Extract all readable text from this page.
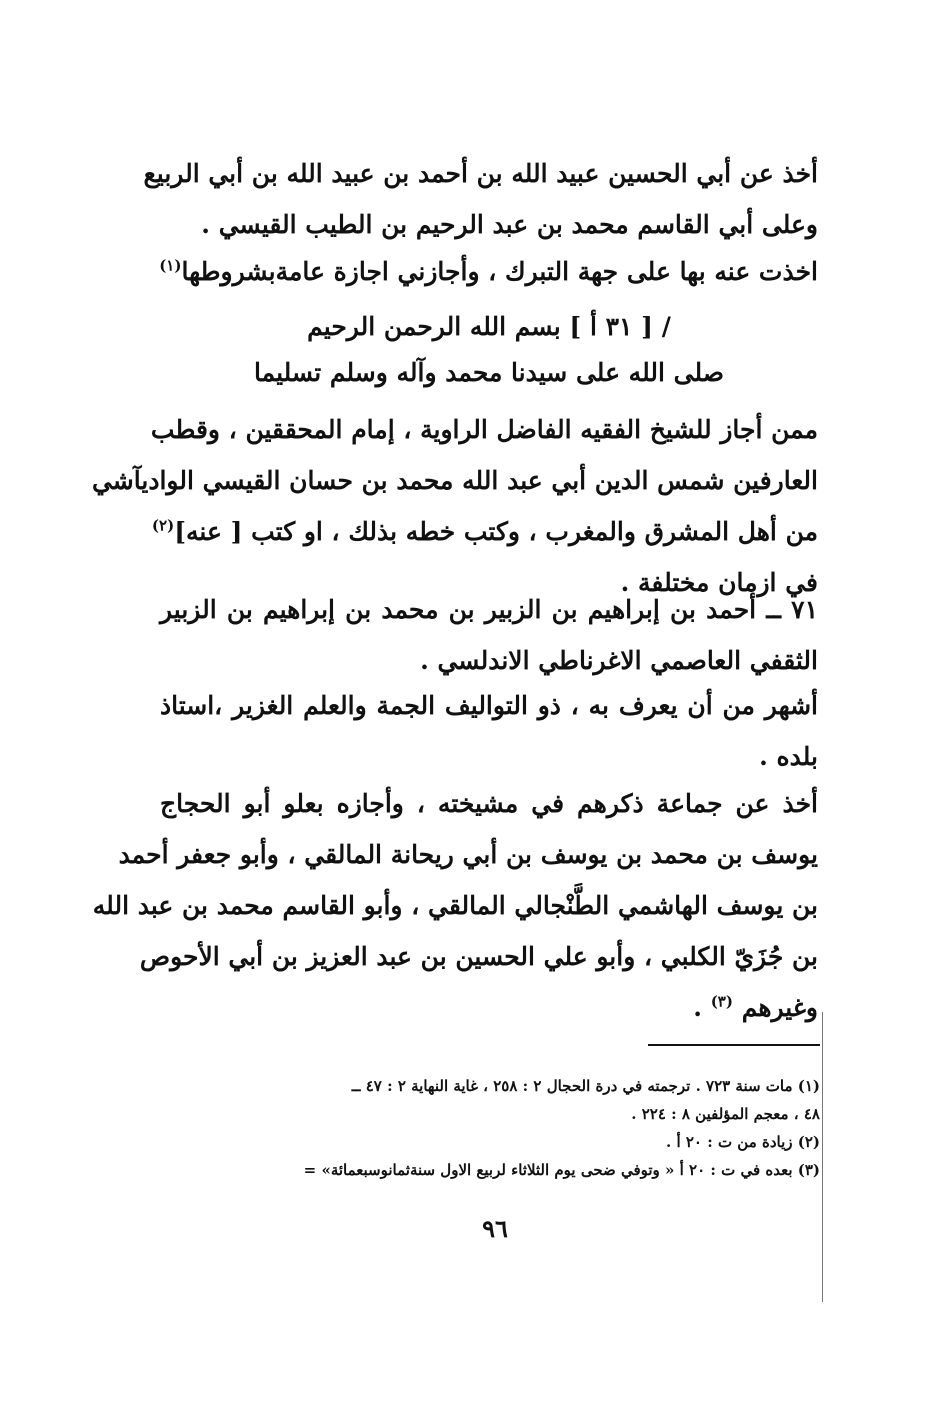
أخذ عن أبي الحسين عبيد الله بن أحمد بن عبيد الله بن أبي الربيع
وعلى أبي القاسم محمد بن عبد الرحيم بن الطيب القيسي .
اخذت عنه بها على جهة التبرك ، وأجازني اجازة عامةبشروطها$^{(١)}$
/ [ ٣١ أ ] بسم الله الرحمن الرحيم
صلى الله على سيدنا محمد وآله وسلم تسليما
ممن أجاز للشيخ الفقيه الفاضل الراوية ، إمام المحققين ، وقطب
العارفين شمس الدين أبي عبد الله محمد بن حسان القيسي الواديآشي
من أهل المشرق والمغرب ، وكتب خطه بذلك ، او كتب [ عنه]$^{(٢)}$
في ازمان مختلفة .
٧١ ــ أحمد بن إبراهيم بن الزبير بن محمد بن إبراهيم بن الزبير
الثقفي العاصمي الاغرناطي الاندلسي .
أشهر من أن يعرف به ، ذو التواليف الجمة والعلم الغزير ،استاذ
بلده .
أخذ عن جماعة ذكرهم في مشيخته ، وأجازه بعلو أبو الحجاج
يوسف بن محمد بن يوسف بن أبي ريحانة المالقي ، وأبو جعفر أحمد
بن يوسف الهاشمي الطَّنْجالي المالقي ، وأبو القاسم محمد بن عبد الله
بن جُزَيّ الكلبي ، وأبو علي الحسين بن عبد العزيز بن أبي الأحوص
وغيرهم $^{(٣)}$ .
(١) مات سنة ٧٢٣ . ترجمته في درة الحجال ٢ : ٢٥٨ ، غاية النهاية ٢ : ٤٧ ــ
٤٨ ، معجم المؤلفين ٨ : ٢٢٤ .
(٢) زيادة من ت : ٢٠ أ .
(٣) بعده في ت : ٢٠ أ « وتوفي ضحى يوم الثلاثاء لربيع الاول سنةثمانوسبعمائة» =
٩٦
